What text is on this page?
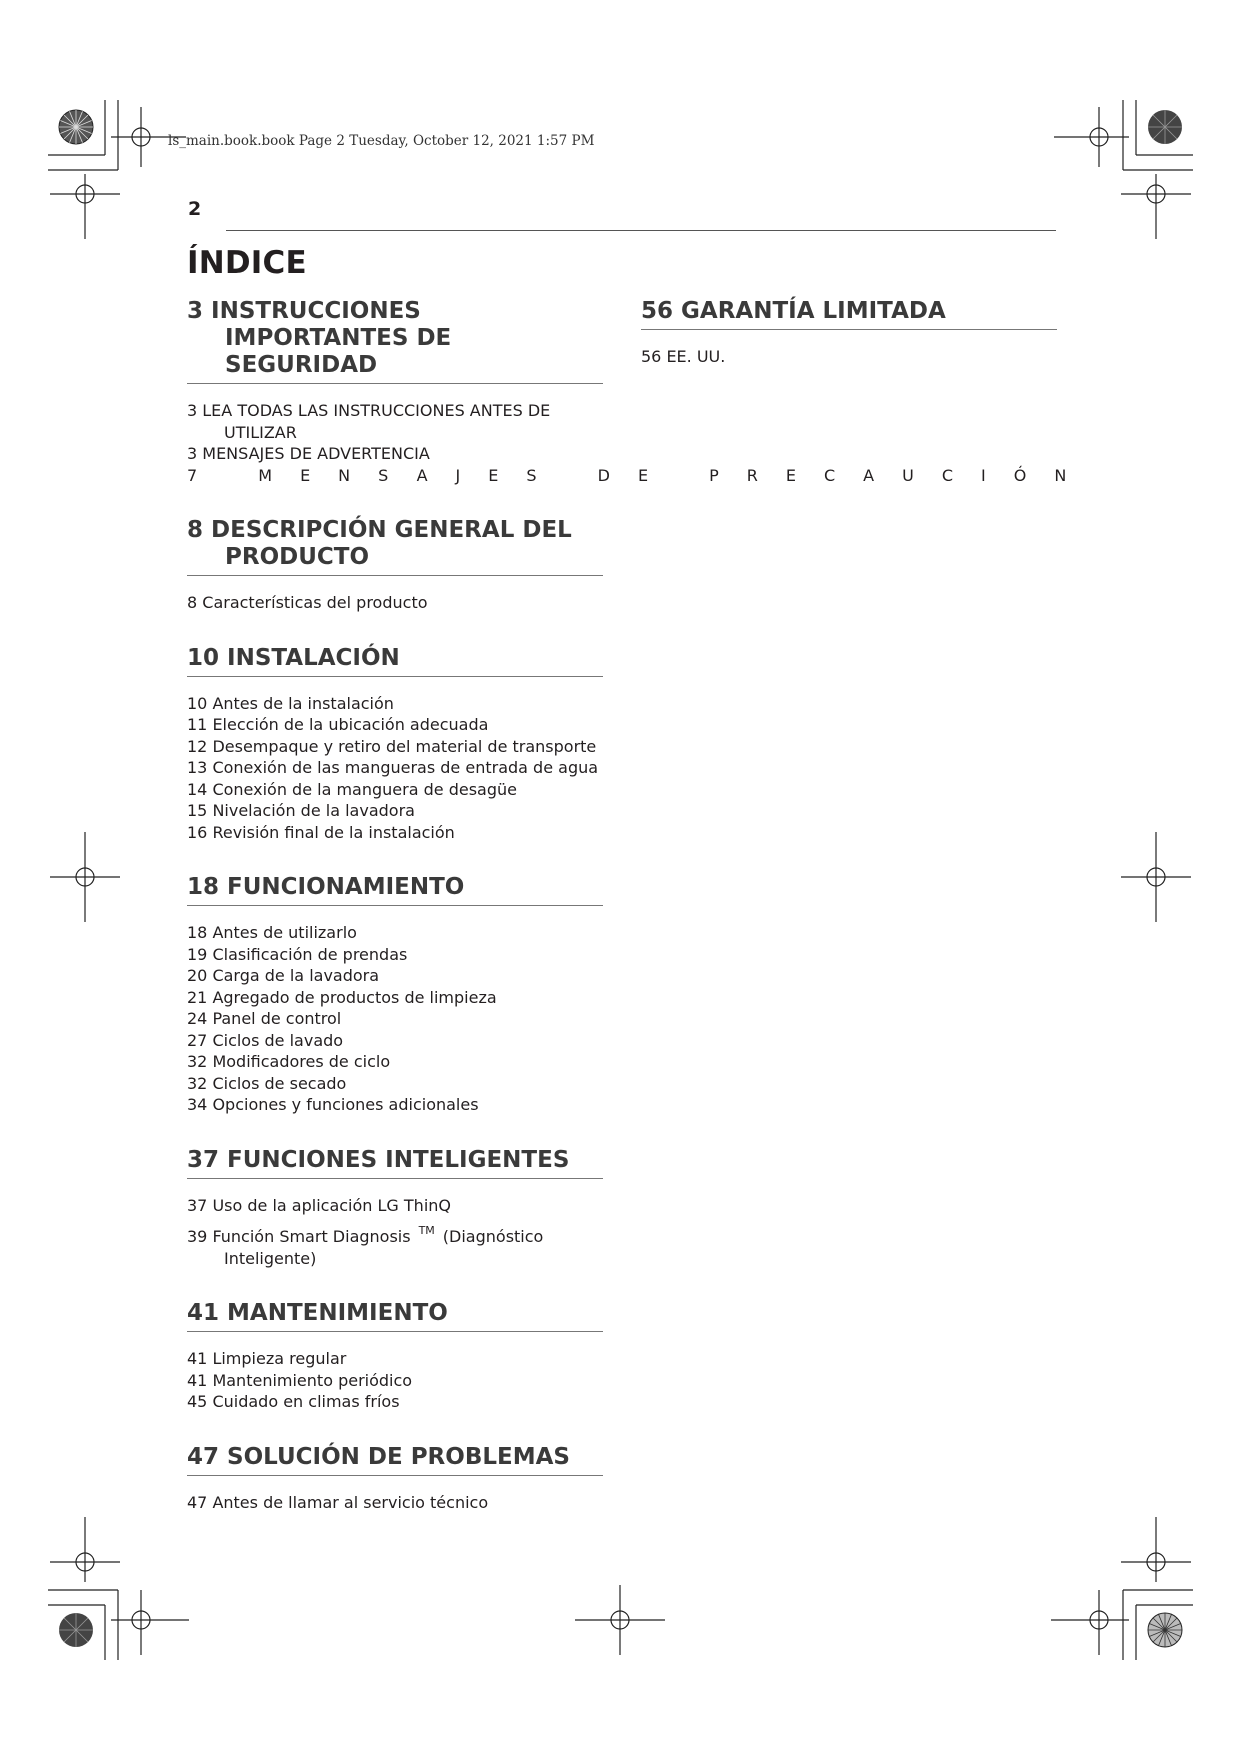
ls_main.book.book Page 2 Tuesday, October 12, 2021 1:57 PM
2
ÍNDICE
3 INSTRUCCIONES IMPORTANTES DE SEGURIDAD
3 LEA TODAS LAS INSTRUCCIONES ANTES DE UTILIZAR
3 MENSAJES DE ADVERTENCIA
7 MENSAJES DE PRECAUCIÓN
8 DESCRIPCIÓN GENERAL DEL PRODUCTO
8 Características del producto
10 INSTALACIÓN
10 Antes de la instalación
11 Elección de la ubicación adecuada
12 Desempaque y retiro del material de transporte
13 Conexión de las mangueras de entrada de agua
14 Conexión de la manguera de desagüe
15 Nivelación de la lavadora
16 Revisión final de la instalación
18 FUNCIONAMIENTO
18 Antes de utilizarlo
19 Clasificación de prendas
20 Carga de la lavadora
21 Agregado de productos de limpieza
24 Panel de control
27 Ciclos de lavado
32 Modificadores de ciclo
32 Ciclos de secado
34 Opciones y funciones adicionales
37 FUNCIONES INTELIGENTES
37 Uso de la aplicación LG ThinQ
39 Función Smart Diagnosis ™ (Diagnóstico Inteligente)
41 MANTENIMIENTO
41 Limpieza regular
41 Mantenimiento periódico
45 Cuidado en climas fríos
47 SOLUCIÓN DE PROBLEMAS
47 Antes de llamar al servicio técnico
56 GARANTÍA LIMITADA
56 EE. UU.
